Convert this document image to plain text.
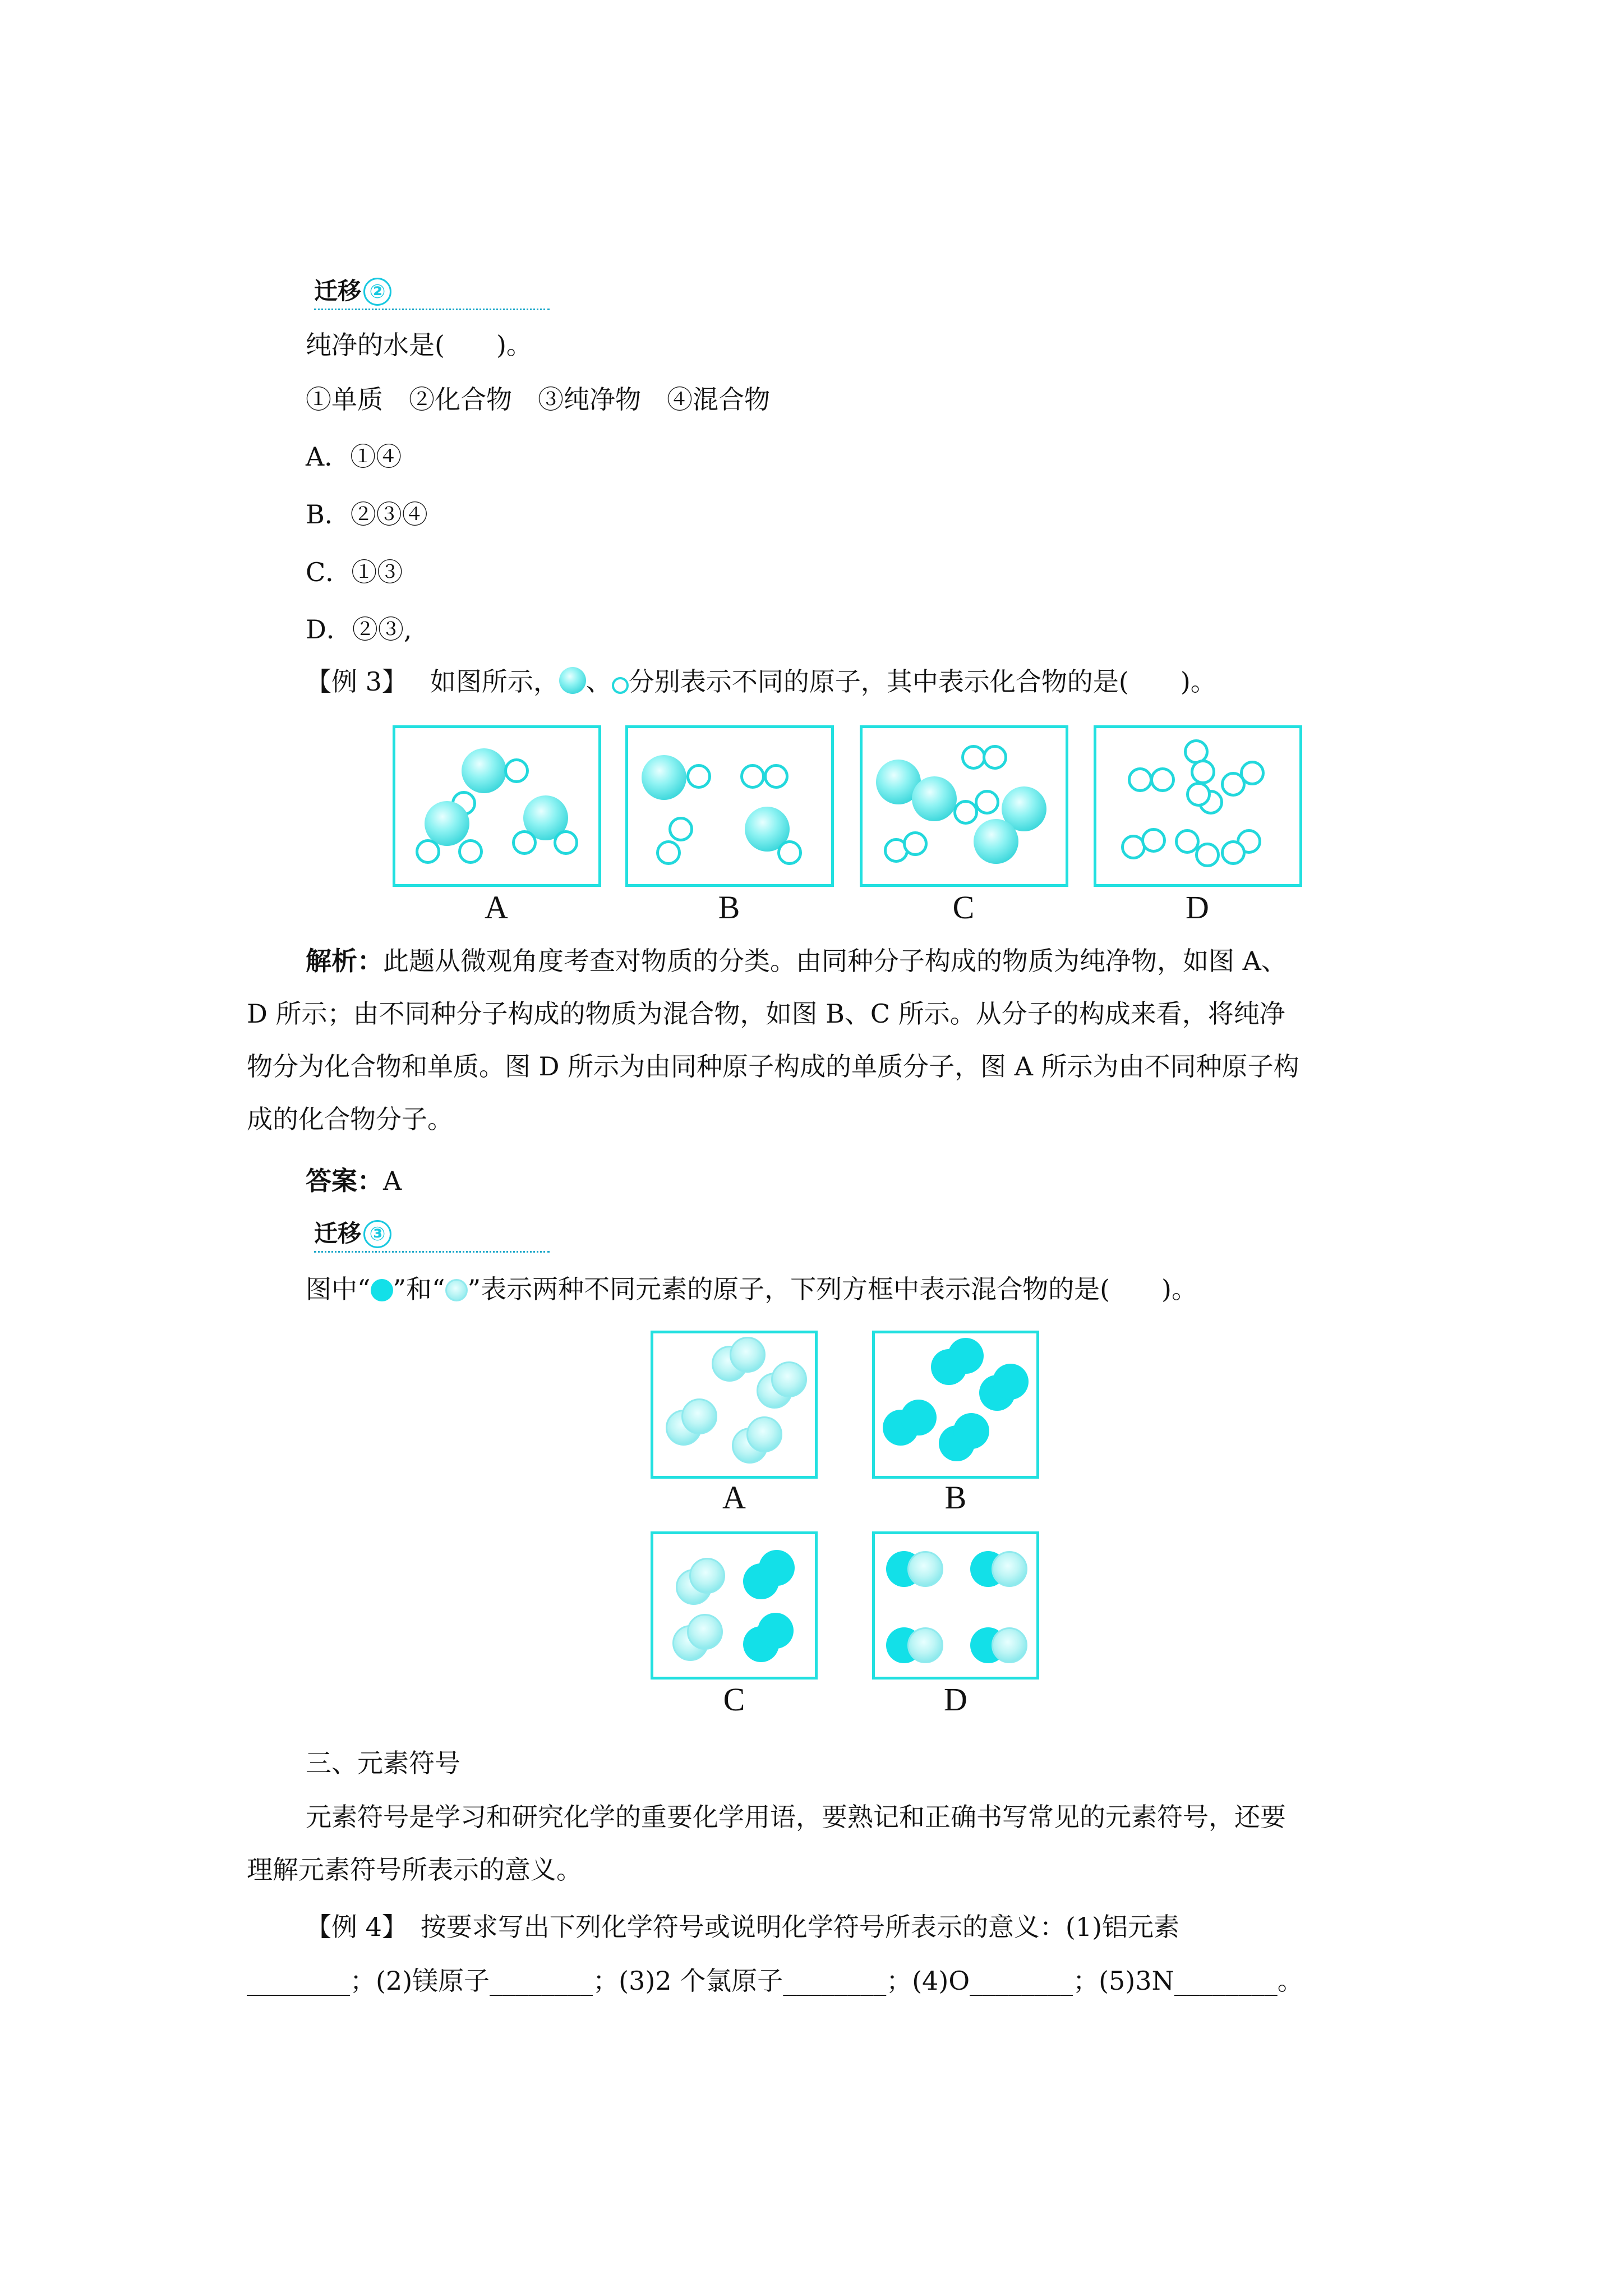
迁移 ②
纯净的水是(　　)。
①单质　②化合物　③纯净物　④混合物
A．①④
B．②③④
C．①③
D．②③,
【例 3】 如图所示， 、 分别表示不同的原子，其中表示化合物的是(　　)。
A	B	C	D
解析：此题从微观角度考查对物质的分类。由同种分子构成的物质为纯净物，如图 A、
D 所示；由不同种分子构成的物质为混合物，如图 B、C 所示。从分子的构成来看，将纯净
物分为化合物和单质。图 D 所示为由同种原子构成的单质分子，图 A 所示为由不同种原子构
成的化合物分子。
答案：A
迁移 ③
图中“ ”和“ ”表示两种不同元素的原子，下列方框中表示混合物的是(　　)。
A	B
C	D
三、元素符号
元素符号是学习和研究化学的重要化学用语，要熟记和正确书写常见的元素符号，还要
理解元素符号所表示的意义。
【例 4】　按要求写出下列化学符号或说明化学符号所表示的意义：(1)铝元素
________；(2)镁原子________；(3)2 个氯原子________；(4)O________；(5)3N________。
